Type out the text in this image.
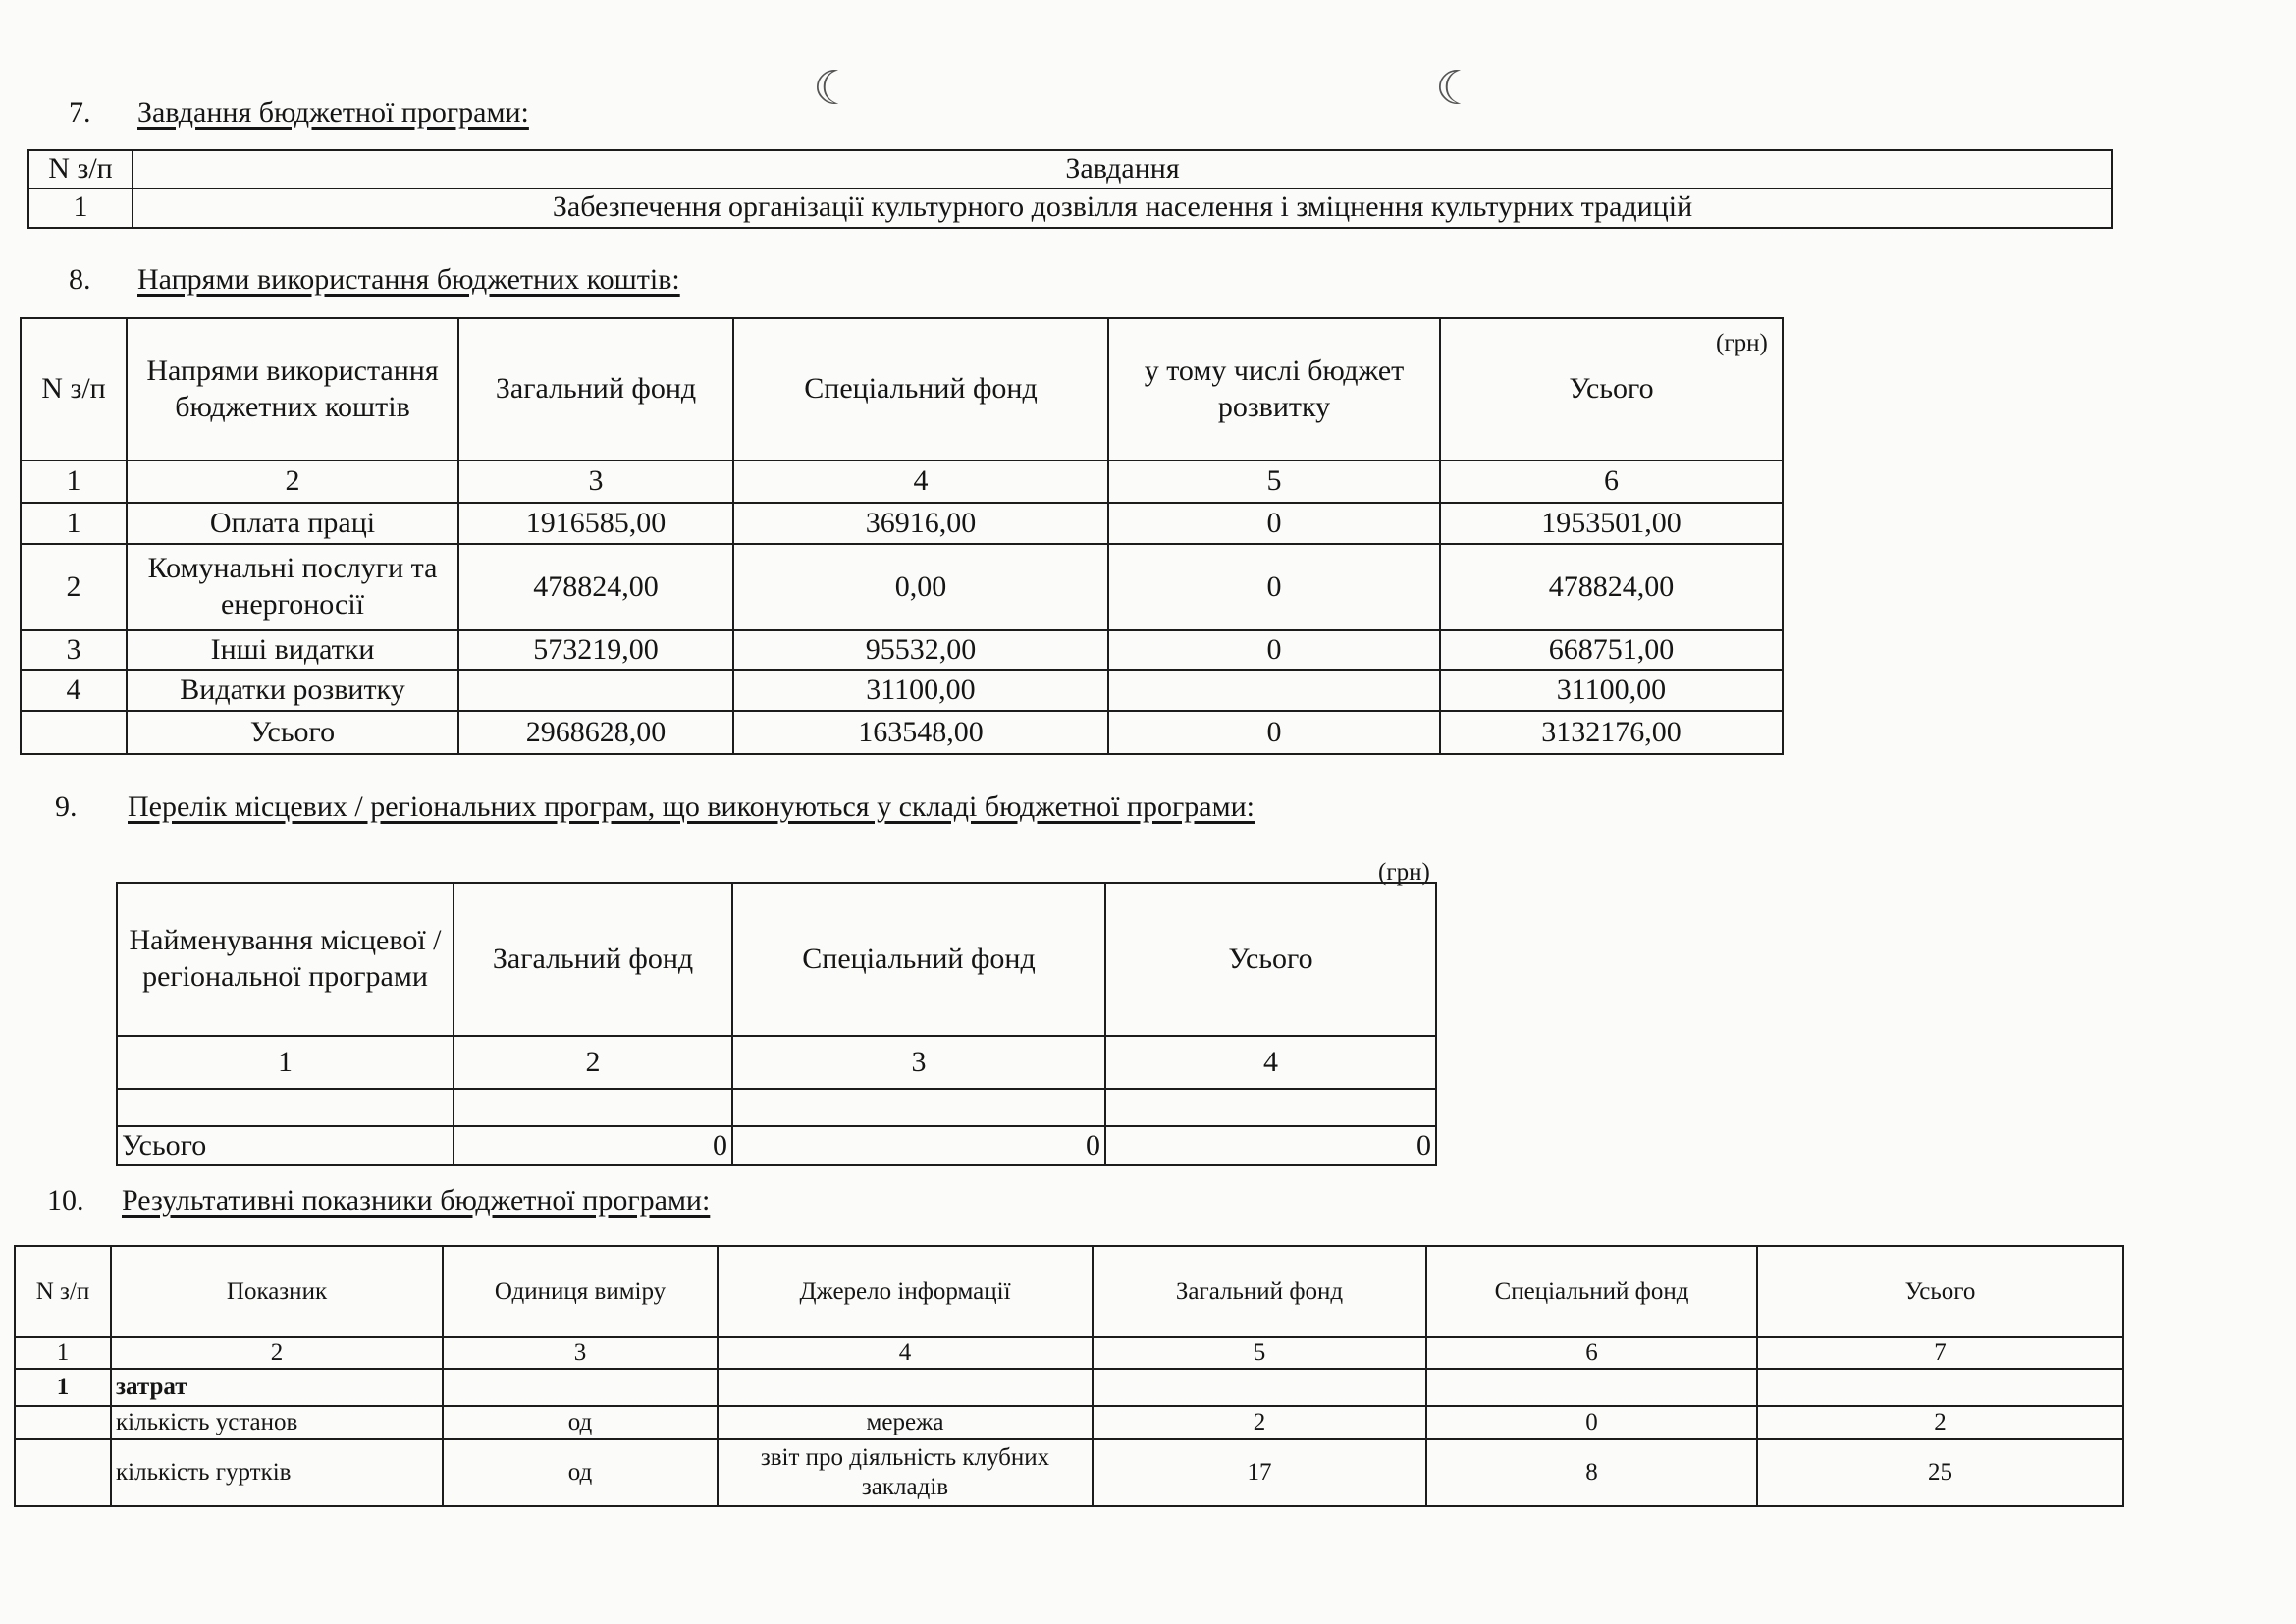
☾	☾
7.	Завдання бюджетної програми:
N з/п	Завдання
1	Забезпечення організації культурного дозвілля населення і зміцнення культурних традицій
8.	Напрями використання бюджетних коштів:
(грн)
N з/п	Напрями використання бюджетних коштів	Загальний фонд	Спеціальний фонд	у тому числі бюджет розвитку	Усього
1	2	3	4	5	6
1	Оплата праці	1916585,00	36916,00	0	1953501,00
2	Комунальні послуги та енергоносії	478824,00	0,00	0	478824,00
3	Інші видатки	573219,00	95532,00	0	668751,00
4	Видатки розвитку		31100,00		31100,00
	Усього	2968628,00	163548,00	0	3132176,00
9.	Перелік місцевих / регіональних програм, що виконуються у складі бюджетної програми:
(грн)
Найменування місцевої / регіональної програми	Загальний фонд	Спеціальний фонд	Усього
1	2	3	4

Усього	0	0	0
10.	Результативні показники бюджетної програми:
N з/п	Показник	Одиниця виміру	Джерело інформації	Загальний фонд	Спеціальний фонд	Усього
1	2	3	4	5	6	7
1	затрат					
	кількість установ	од	мережа	2	0	2
	кількість гуртків	од	звіт про діяльність клубних закладів	17	8	25
